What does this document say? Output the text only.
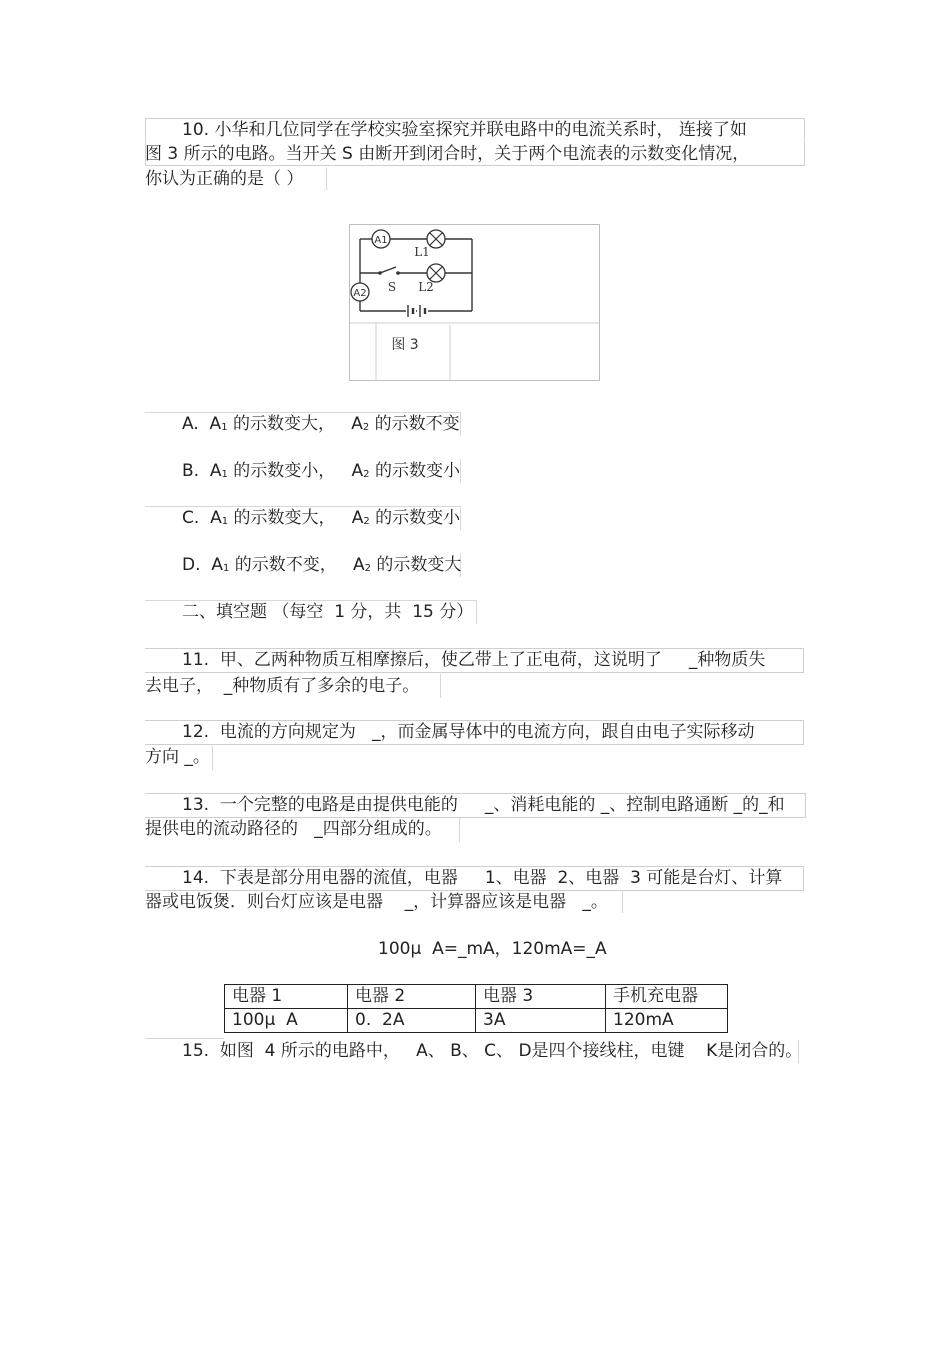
10. 小华和几位同学在学校实验室探究并联电路中的电流关系时， 连接了如
图 3 所示的电路。当开关 S 由断开到闭合时，关于两个电流表的示数变化情况，
你认为正确的是（ ）
A1
L1
S L2
A2
图 3
A. $A_1$ 的示数变大，   $A_2$ 的示数不变
B. $A_1$ 的示数变小，   $A_2$ 的示数变小
C. $A_1$ 的示数变大，   $A_2$ 的示数变小
D. $A_1$ 的示数不变，   $A_2$ 的示数变大
二、填空题 （每空  1 分，共  15 分）
11.  甲、乙两种物质互相摩擦后，使乙带上了正电荷，这说明了     _种物质失
去电子，  _种物质有了多余的电子。
12.  电流的方向规定为   _，而金属导体中的电流方向，跟自由电子实际移动
方向 _。
13.  一个完整的电路是由提供电能的     _、消耗电能的 _、控制电路通断 _的_和
提供电的流动路径的   _四部分组成的。
14.  下表是部分用电器的流值，电器     1、电器  2、电器  3 可能是台灯、计算
器或电饭煲．则台灯应该是电器    _，计算器应该是电器   _。
100μ  A=_mA，120mA=_A
电器 1	电器 2	电器 3	手机充电器
100μ  A	0.  2A	3A	120mA
15.  如图  4 所示的电路中，   A、 B、 C、 D是四个接线柱，电键    K是闭合的。
